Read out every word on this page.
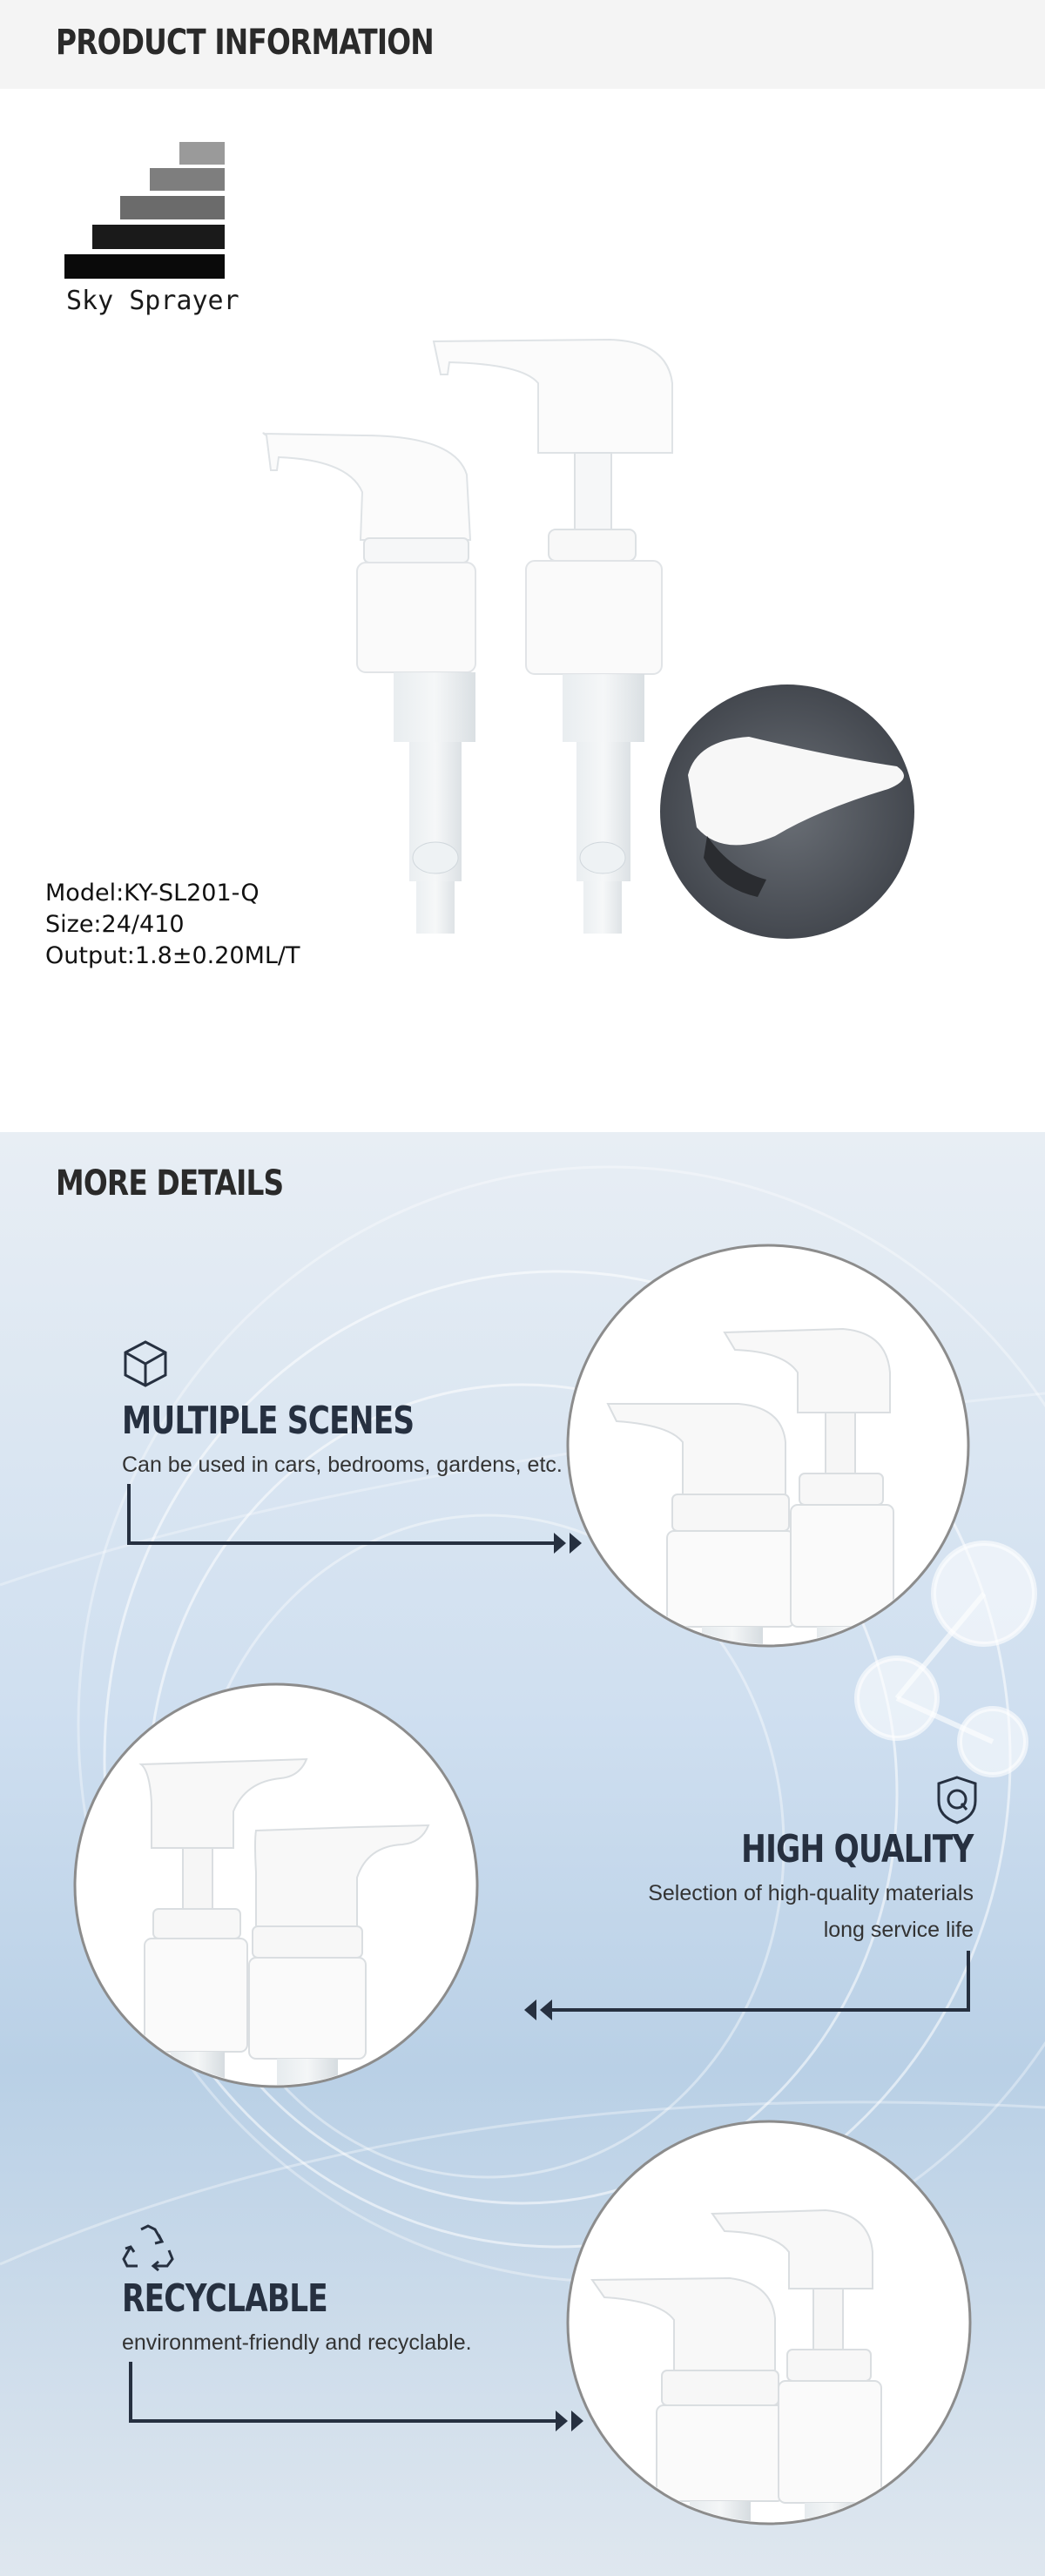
PRODUCT INFORMATION
Sky Sprayer
Model:KY-SL201-Q
Size:24/410
Output:1.8±0.20ML/T
MORE DETAILS
MULTIPLE SCENES
Can be used in cars, bedrooms, gardens, etc.
HIGH QUALITY
Selection of high-quality materials
long service life
RECYCLABLE
environment-friendly and recyclable.
